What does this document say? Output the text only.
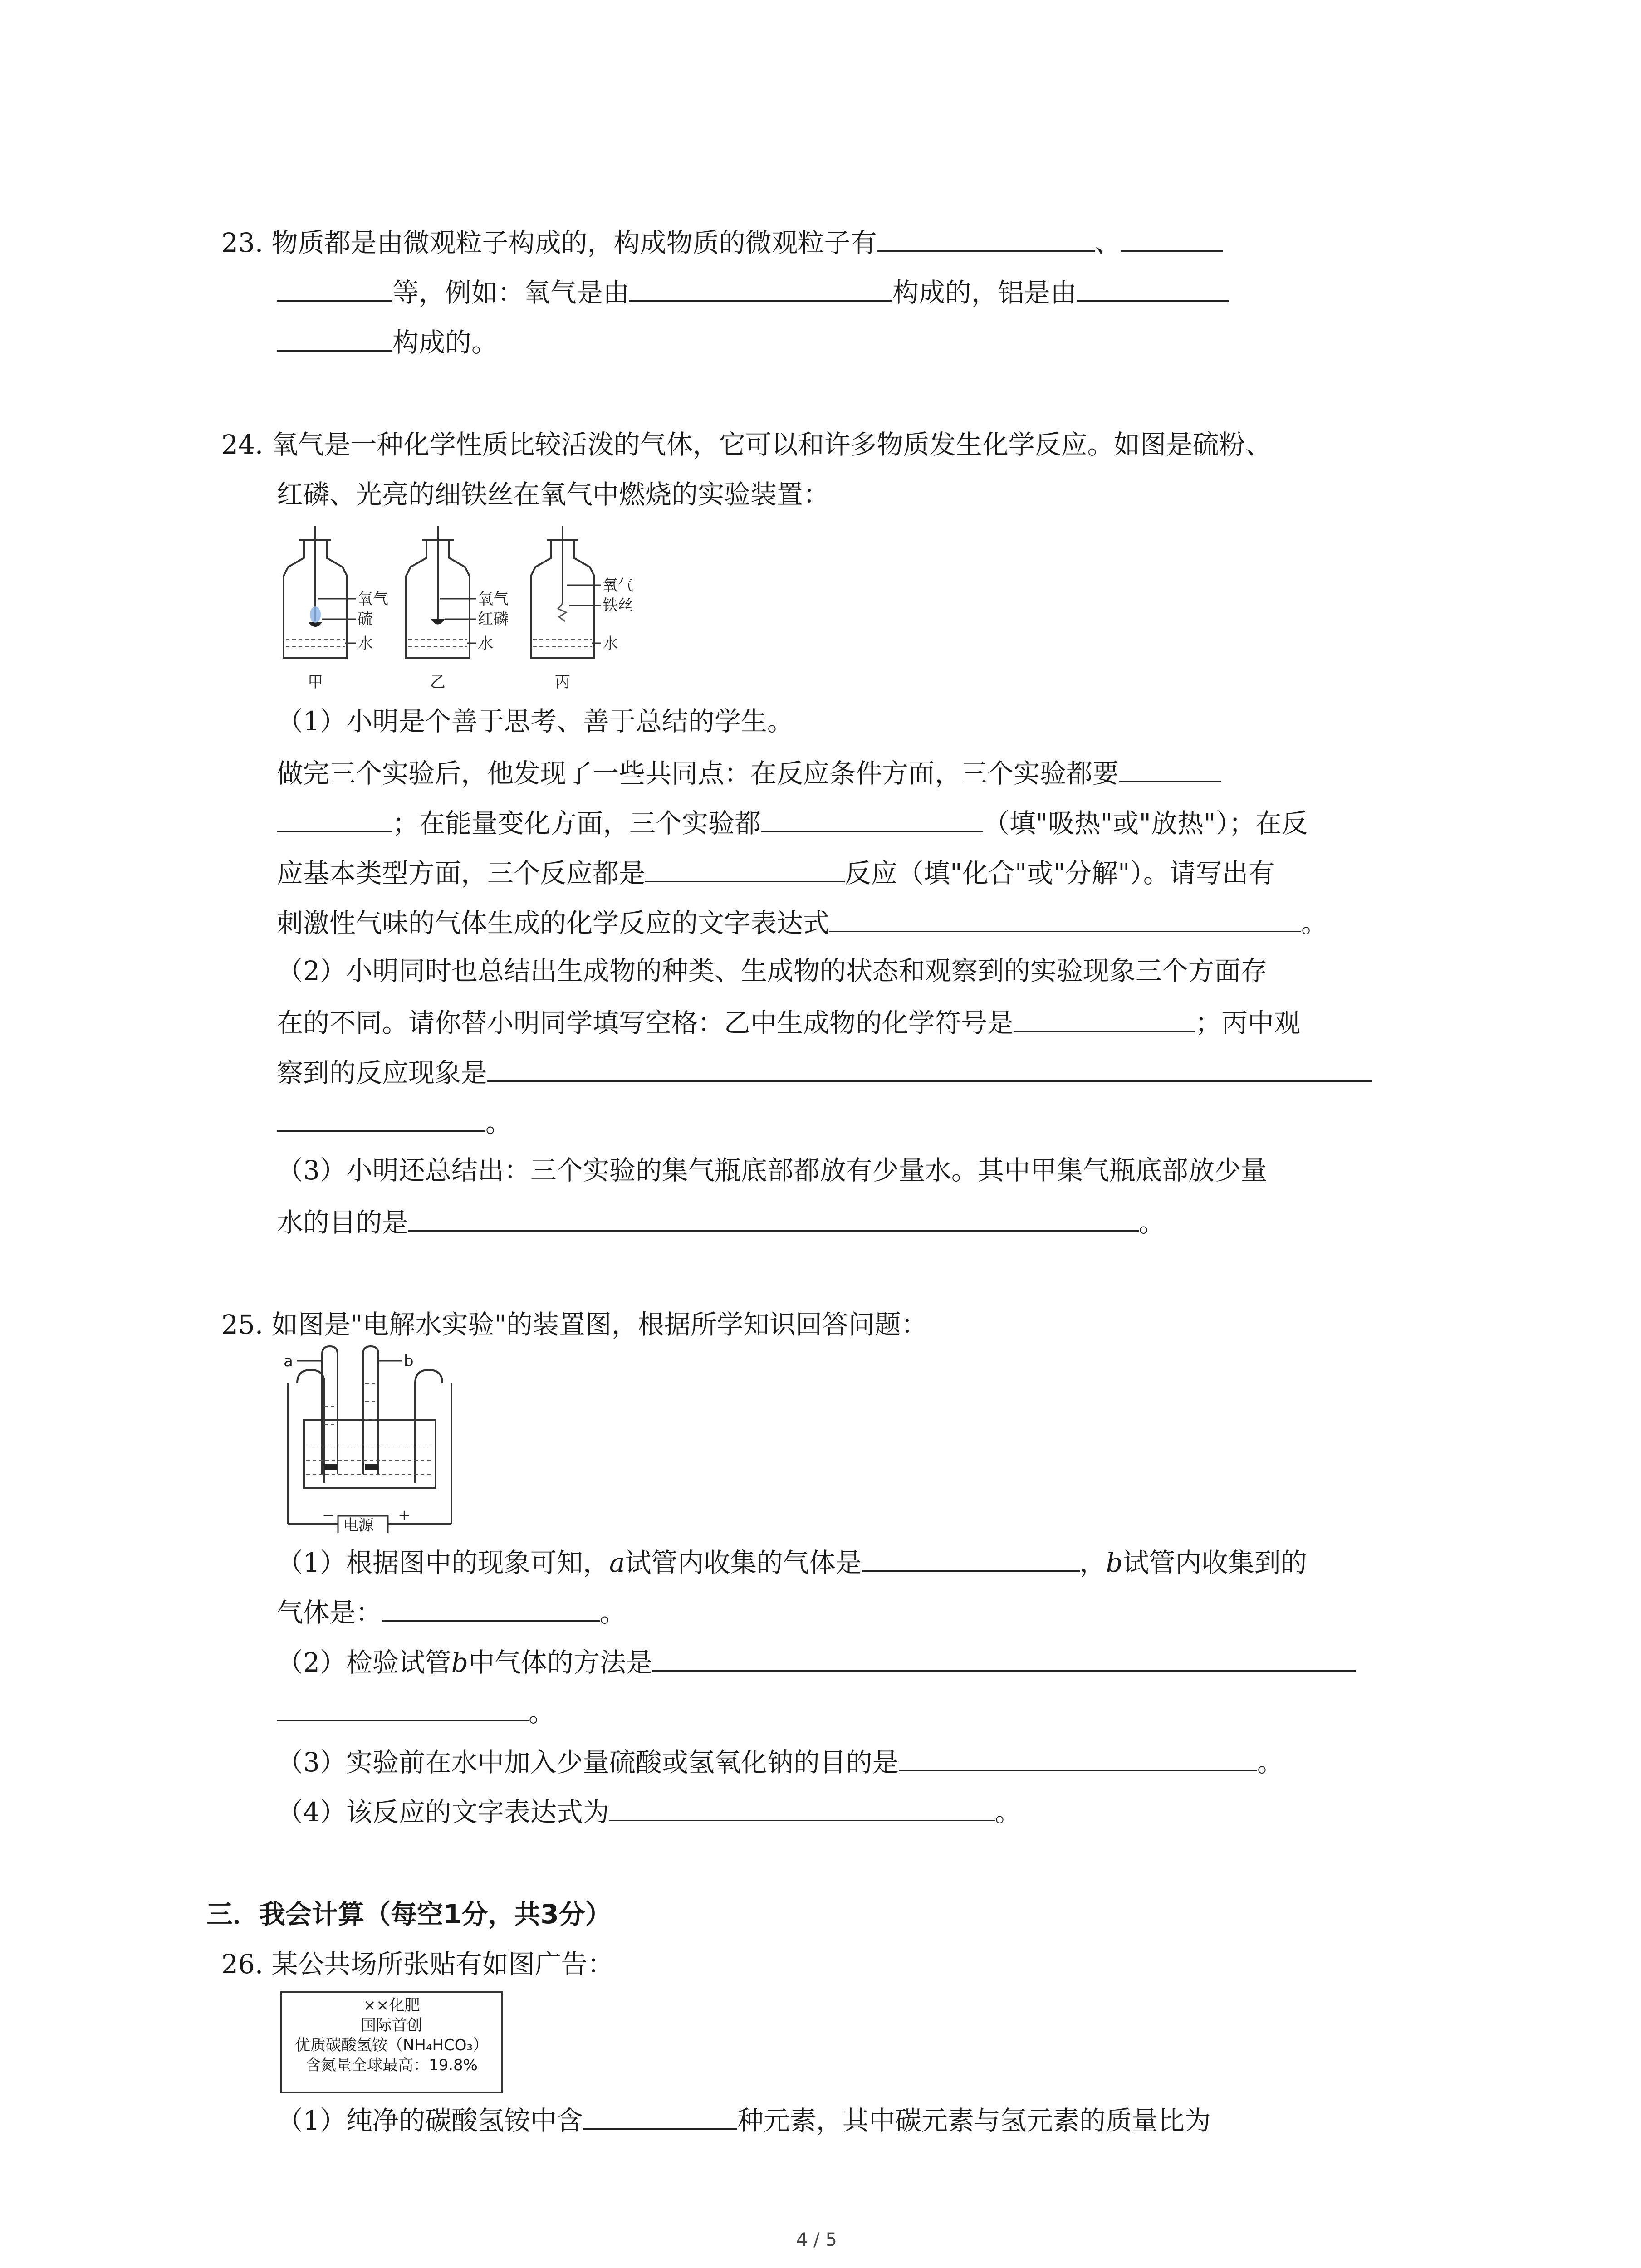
23. 物质都是由微观粒子构成的，构成物质的微观粒子有	、
等，例如：氧气是由	构成的，铝是由
构成的。
24. 氧气是一种化学性质比较活泼的气体，它可以和许多物质发生化学反应。如图是硫粉、
红磷、光亮的细铁丝在氧气中燃烧的实验装置：
氧气
硫
水
氧气
红磷
水
氧气
铁丝
水
甲	乙	丙
（1）小明是个善于思考、善于总结的学生。
做完三个实验后，他发现了一些共同点：在反应条件方面，三个实验都要
；在能量变化方面，三个实验都	（填"吸热"或"放热"）；在反
应基本类型方面，三个反应都是	反应（填"化合"或"分解"）。请写出有
刺激性气味的气体生成的化学反应的文字表达式	。
（2）小明同时也总结出生成物的种类、生成物的状态和观察到的实验现象三个方面存
在的不同。请你替小明同学填写空格：乙中生成物的化学符号是	；丙中观
察到的反应现象是
。
（3）小明还总结出：三个实验的集气瓶底部都放有少量水。其中甲集气瓶底部放少量
水的目的是	。
25. 如图是"电解水实验"的装置图，根据所学知识回答问题：
a	b
−	+
电源
（1）根据图中的现象可知，a试管内收集的气体是	，b试管内收集到的
气体是：	。
（2）检验试管b中气体的方法是
。
（3）实验前在水中加入少量硫酸或氢氧化钠的目的是	。
（4）该反应的文字表达式为	。
三．我会计算（每空1分，共3分）
26. 某公共场所张贴有如图广告：
××化肥
国际首创
优质碳酸氢铵（NH₄HCO₃）
含氮量全球最高：19.8%
（1）纯净的碳酸氢铵中含	种元素，其中碳元素与氢元素的质量比为
4 / 5
